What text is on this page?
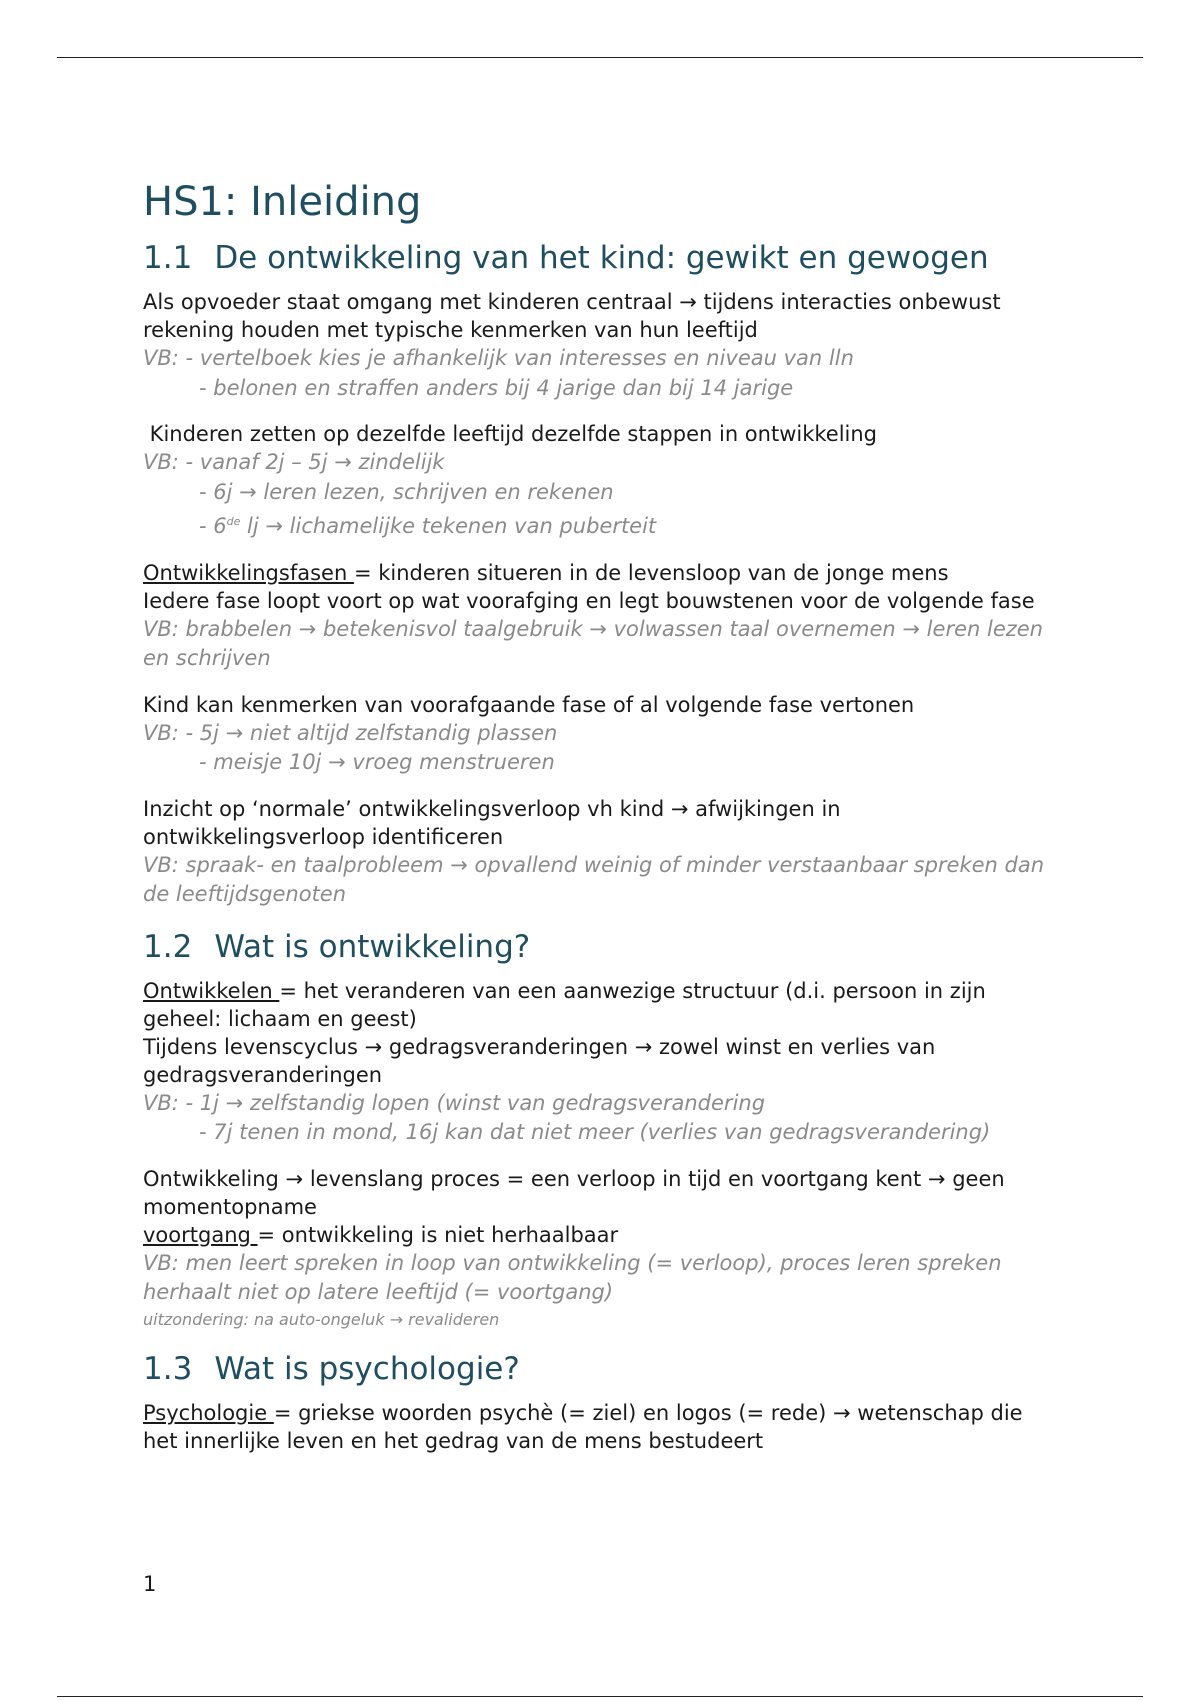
HS1: Inleiding
1.1 De ontwikkeling van het kind: gewikt en gewogen

Als opvoeder staat omgang met kinderen centraal → tijdens interacties onbewust rekening houden met typische kenmerken van hun leeftijd

VB: - vertelboek kies je afhankelijk van interesses en niveau van lln

- belonen en straffen anders bij 4 jarige dan bij 14 jarige

Kinderen zetten op dezelfde leeftijd dezelfde stappen in ontwikkeling

VB: - vanaf 2j – 5j → zindelijk

- 6j → leren lezen, schrijven en rekenen

- 6de lj → lichamelijke tekenen van puberteit

Ontwikkelingsfasen = kinderen situeren in de levensloop van de jonge mens

Iedere fase loopt voort op wat voorafging en legt bouwstenen voor de volgende fase

VB: brabbelen → betekenisvol taalgebruik → volwassen taal overnemen → leren lezen en schrijven

Kind kan kenmerken van voorafgaande fase of al volgende fase vertonen

VB: - 5j → niet altijd zelfstandig plassen

- meisje 10j → vroeg menstrueren

Inzicht op ‘normale’ ontwikkelingsverloop vh kind → afwijkingen in ontwikkelingsverloop identificeren

VB: spraak- en taalprobleem → opvallend weinig of minder verstaanbaar spreken dan de leeftijdsgenoten

1.2 Wat is ontwikkeling?

Ontwikkelen = het veranderen van een aanwezige structuur (d.i. persoon in zijn geheel: lichaam en geest)

Tijdens levenscyclus → gedragsveranderingen → zowel winst en verlies van gedragsveranderingen

VB: - 1j → zelfstandig lopen (winst van gedragsverandering

- 7j tenen in mond, 16j kan dat niet meer (verlies van gedragsverandering)

Ontwikkeling → levenslang proces = een verloop in tijd en voortgang kent → geen momentopname

voortgang = ontwikkeling is niet herhaalbaar

VB: men leert spreken in loop van ontwikkeling (= verloop), proces leren spreken herhaalt niet op latere leeftijd (= voortgang)

uitzondering: na auto-ongeluk → revalideren

1.3 Wat is psychologie?

Psychologie = griekse woorden psychè (= ziel) en logos (= rede) → wetenschap die het innerlijke leven en het gedrag van de mens bestudeert

1
